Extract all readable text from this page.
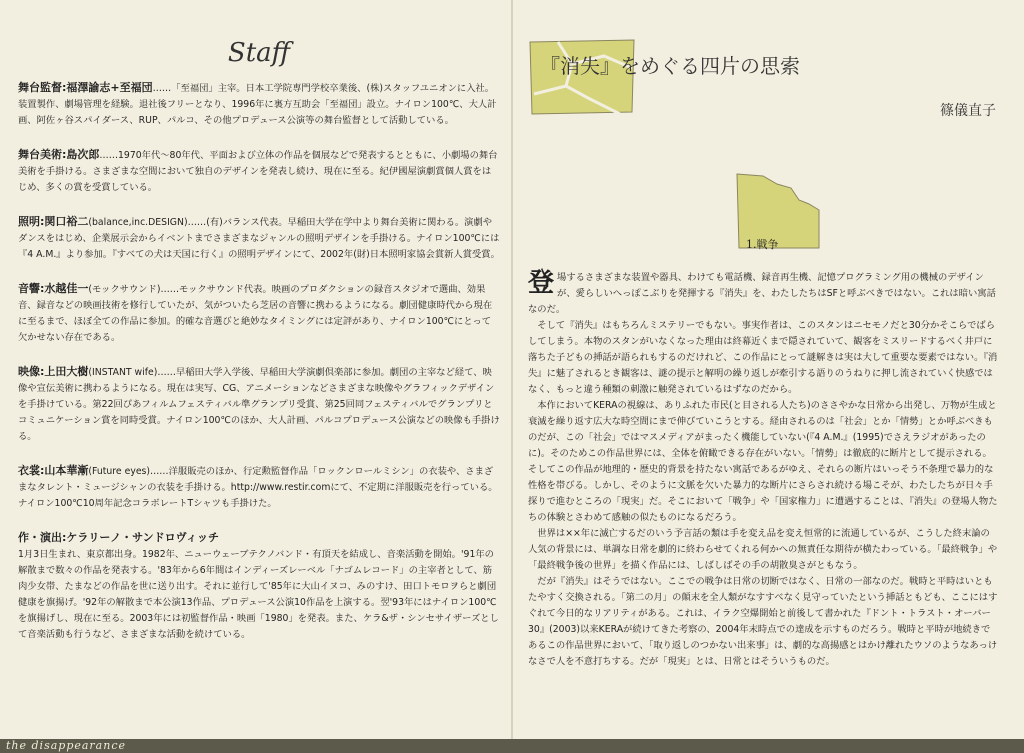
Staff
舞台監督:福澤諭志+至福団……「至福団」主宰。日本工学院専門学校卒業後、(株)スタッフユニオンに入社。装置製作、劇場管理を経験。退社後フリーとなり、1996年に裏方互助会「至福団」設立。ナイロン100℃、大人計画、阿佐ヶ谷スパイダース、RUP、パルコ、その他プロデュース公演等の舞台監督として活動している。
舞台美術:島次郎……1970年代〜80年代、平面および立体の作品を個展などで発表するとともに、小劇場の舞台美術を手掛ける。さまざまな空間において独自のデザインを発表し続け、現在に至る。紀伊國屋演劇賞個人賞をはじめ、多くの賞を受賞している。
照明:関口裕二(balance,inc.DESIGN)……(有)バランス代表。早稲田大学在学中より舞台美術に関わる。演劇やダンスをはじめ、企業展示会からイベントまでさまざまなジャンルの照明デザインを手掛ける。ナイロン100℃には『4 A.M.』より参加。『すべての犬は天国に行く』の照明デザインにて、2002年(財)日本照明家協会賞新人賞受賞。
音響:水越佳一(モックサウンド)……モックサウンド代表。映画のプロダクションの録音スタジオで選曲、効果音、録音などの映画技術を修行していたが、気がついたら芝居の音響に携わるようになる。劇団健康時代から現在に至るまで、ほぼ全ての作品に参加。的確な音選びと絶妙なタイミングには定評があり、ナイロン100℃にとって欠かせない存在である。
映像:上田大樹(INSTANT wife)……早稲田大学入学後、早稲田大学演劇倶楽部に参加。劇団の主宰など経て、映像や宣伝美術に携わるようになる。現在は実写、CG、アニメーションなどさまざまな映像やグラフィックデザインを手掛けている。第22回ぴあフィルムフェスティバル準グランプリ受賞、第25回同フェスティバルでグランプリとコミュニケーション賞を同時受賞。ナイロン100℃のほか、大人計画、パルコプロデュース公演などの映像も手掛ける。
衣裳:山本華漸(Future eyes)……洋服販売のほか、行定勲監督作品「ロックンロールミシン」の衣装や、さまざまなタレント・ミュージシャンの衣装を手掛ける。http://www.restir.comにて、不定期に洋服販売を行っている。ナイロン100℃10周年記念コラボレートTシャツも手掛けた。
作・演出:ケラリーノ・サンドロヴィッチ
1月3日生まれ、東京都出身。1982年、ニューウェーブテクノバンド・有頂天を結成し、音楽活動を開始。'91年の解散まで数々の作品を発表する。'83年から6年間はインディーズレーベル「ナゴムレコード」の主宰者として、筋肉少女帯、たまなどの作品を世に送り出す。それに並行して'85年に大山イヌコ、みのすけ、田口トモロヲらと劇団健康を旗揚げ。'92年の解散まで本公演13作品、プロデュース公演10作品を上演する。翌'93年にはナイロン100℃を旗揚げし、現在に至る。2003年には初監督作品・映画「1980」を発表。また、ケラ&ザ・シンセサイザーズとして音楽活動も行うなど、さまざまな活動を続けている。
『消失』をめぐる四片の思索
篠儀直子
1.戦争
登 場するさまざまな装置や器具、わけても電話機、録音再生機、記憶プログラミング用の機械のデザインが、愛らしいへっぽこぶりを発揮する『消失』を、わたしたちはSFと呼ぶべきではない。これは暗い寓話なのだ。

そして『消失』はもちろんミステリーでもない。事実作者は、このスタンはニセモノだと30分かそこらでばらしてしまう。本物のスタンがいなくなった理由は終幕近くまで隠されていて、観客をミスリードするべく井戸に落ちた子どもの挿話が語られもするのだけれど、この作品にとって謎解きは実は大して重要な要素ではない。『消失』に魅了されるとき観客は、謎の提示と解明の繰り返しが牽引する語りのうねりに押し流されていく快感ではなく、もっと違う種類の刺激に触発されているはずなのだから。

本作においてKERAの視線は、ありふれた市民(と目される人たち)のささやかな日常から出発し、万物が生成と衰滅を繰り返す広大な時空間にまで伸びていこうとする。経由されるのは「社会」とか「情勢」とか呼ぶべきものだが、この「社会」ではマスメディアがまったく機能していない(『4 A.M.』(1995)でさえラジオがあったのに)。そのためこの作品世界には、全体を俯瞰できる存在がいない。「情勢」は徹底的に断片として提示される。そしてこの作品が地理的・歴史的背景を持たない寓話であるがゆえ、それらの断片はいっそう不条理で暴力的な性格を帯びる。しかし、そのように文脈を欠いた暴力的な断片にさらされ続ける場こそが、わたしたちが日々手探りで進むところの「現実」だ。そこにおいて「戦争」や「国家権力」に遭遇することは、『消失』の登場人物たちの体験とさわめて感触の似たものになるだろう。

世界は××年に滅亡するだのいう予言話の類は手を変え品を変え恒常的に流通しているが、こうした終末論の人気の背景には、単調な日常を劇的に終わらせてくれる何かへの無責任な期待が横たわっている。「最終戦争」や「最終戦争後の世界」を描く作品には、しばしばその手の胡散臭さがともなう。

だが『消失』はそうではない。ここでの戦争は日常の切断ではなく、日常の一部なのだ。戦時と平時はいともたやすく交換される。「第二の月」の顛末を全人類がなすすべなく見守っていたという挿話ともども、ここにはすぐれて今日的なリアリティがある。これは、イラク空爆開始と前後して書かれた『ドント・トラスト・オーバー30』(2003)以来KERAが続けてきた考察の、2004年末時点での達成を示すものだろう。戦時と平時が地続きであるこの作品世界において、「取り返しのつかない出来事」は、劇的な高揚感とはかけ離れたウソのようなあっけなさで人を不意打ちする。だが「現実」とは、日常とはそういうものだ。

the disappearance
